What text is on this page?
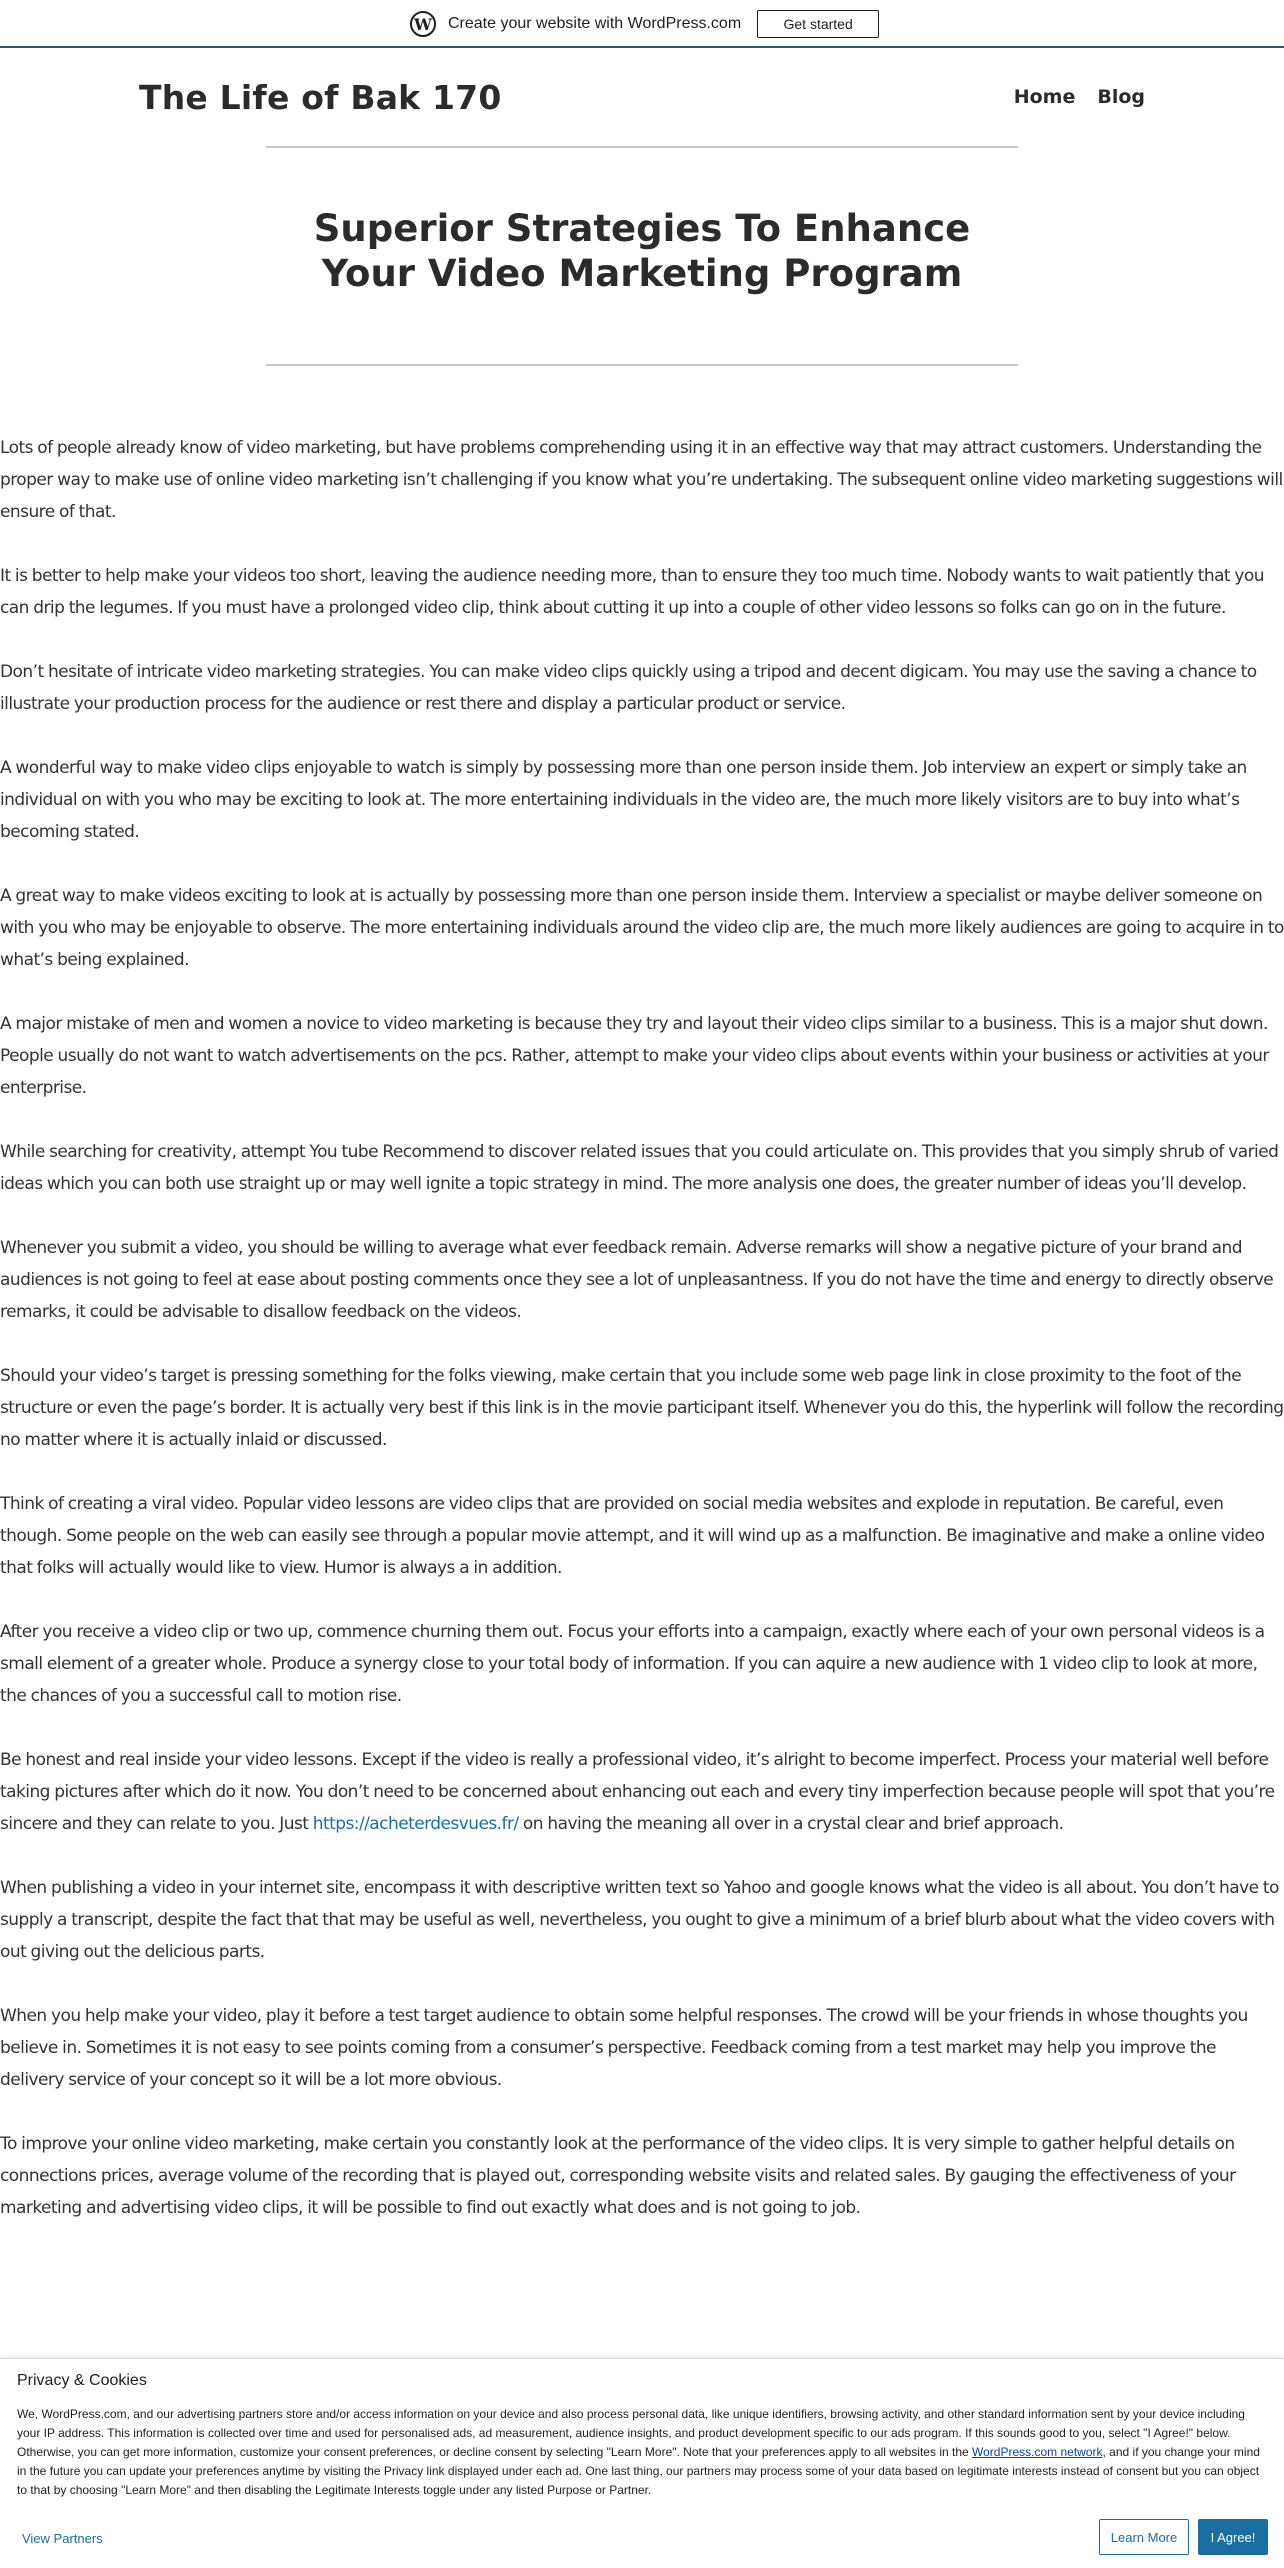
W Create your website with WordPress.com	Get started
The Life of Bak 170	Home Blog
Superior Strategies To Enhance Your Video Marketing Program

Lots of people already know of video marketing, but have problems comprehending using it in an effective way that may attract customers. Understanding the proper way to make use of online video marketing isn’t challenging if you know what you’re undertaking. The subsequent online video marketing suggestions will ensure of that.

It is better to help make your videos too short, leaving the audience needing more, than to ensure they too much time. Nobody wants to wait patiently that you can drip the legumes. If you must have a prolonged video clip, think about cutting it up into a couple of other video lessons so folks can go on in the future.

Don’t hesitate of intricate video marketing strategies. You can make video clips quickly using a tripod and decent digicam. You may use the saving a chance to illustrate your production process for the audience or rest there and display a particular product or service.

A wonderful way to make video clips enjoyable to watch is simply by possessing more than one person inside them. Job interview an expert or simply take an individual on with you who may be exciting to look at. The more entertaining individuals in the video are, the much more likely visitors are to buy into what’s becoming stated.

A great way to make videos exciting to look at is actually by possessing more than one person inside them. Interview a specialist or maybe deliver someone on with you who may be enjoyable to observe. The more entertaining individuals around the video clip are, the much more likely audiences are going to acquire in to what’s being explained.

A major mistake of men and women a novice to video marketing is because they try and layout their video clips similar to a business. This is a major shut down. People usually do not want to watch advertisements on the pcs. Rather, attempt to make your video clips about events within your business or activities at your enterprise.

While searching for creativity, attempt You tube Recommend to discover related issues that you could articulate on. This provides that you simply shrub of varied ideas which you can both use straight up or may well ignite a topic strategy in mind. The more analysis one does, the greater number of ideas you’ll develop.

Whenever you submit a video, you should be willing to average what ever feedback remain. Adverse remarks will show a negative picture of your brand and audiences is not going to feel at ease about posting comments once they see a lot of unpleasantness. If you do not have the time and energy to directly observe remarks, it could be advisable to disallow feedback on the videos.

Should your video’s target is pressing something for the folks viewing, make certain that you include some web page link in close proximity to the foot of the structure or even the page’s border. It is actually very best if this link is in the movie participant itself. Whenever you do this, the hyperlink will follow the recording no matter where it is actually inlaid or discussed.

Think of creating a viral video. Popular video lessons are video clips that are provided on social media websites and explode in reputation. Be careful, even though. Some people on the web can easily see through a popular movie attempt, and it will wind up as a malfunction. Be imaginative and make a online video that folks will actually would like to view. Humor is always a in addition.

After you receive a video clip or two up, commence churning them out. Focus your efforts into a campaign, exactly where each of your own personal videos is a small element of a greater whole. Produce a synergy close to your total body of information. If you can aquire a new audience with 1 video clip to look at more, the chances of you a successful call to motion rise.

Be honest and real inside your video lessons. Except if the video is really a professional video, it’s alright to become imperfect. Process your material well before taking pictures after which do it now. You don’t need to be concerned about enhancing out each and every tiny imperfection because people will spot that you’re sincere and they can relate to you. Just https://acheterdesvues.fr/ on having the meaning all over in a crystal clear and brief approach.

When publishing a video in your internet site, encompass it with descriptive written text so Yahoo and google knows what the video is all about. You don’t have to supply a transcript, despite the fact that that may be useful as well, nevertheless, you ought to give a minimum of a brief blurb about what the video covers with out giving out the delicious parts.

When you help make your video, play it before a test target audience to obtain some helpful responses. The crowd will be your friends in whose thoughts you believe in. Sometimes it is not easy to see points coming from a consumer’s perspective. Feedback coming from a test market may help you improve the delivery service of your concept so it will be a lot more obvious.

To improve your online video marketing, make certain you constantly look at the performance of the video clips. It is very simple to gather helpful details on connections prices, average volume of the recording that is played out, corresponding website visits and related sales. By gauging the effectiveness of your marketing and advertising video clips, it will be possible to find out exactly what does and is not going to job.

Privacy & Cookies
We, WordPress.com, and our advertising partners store and/or access information on your device and also process personal data, like unique identifiers, browsing activity, and other standard information sent by your device including your IP address. This information is collected over time and used for personalised ads, ad measurement, audience insights, and product development specific to our ads program. If this sounds good to you, select "I Agree!" below. Otherwise, you can get more information, customize your consent preferences, or decline consent by selecting "Learn More". Note that your preferences apply to all websites in the WordPress.com network, and if you change your mind in the future you can update your preferences anytime by visiting the Privacy link displayed under each ad. One last thing, our partners may process some of your data based on legitimate interests instead of consent but you can object to that by choosing "Learn More" and then disabling the Legitimate Interests toggle under any listed Purpose or Partner.
View Partners	Learn More	I Agree!
